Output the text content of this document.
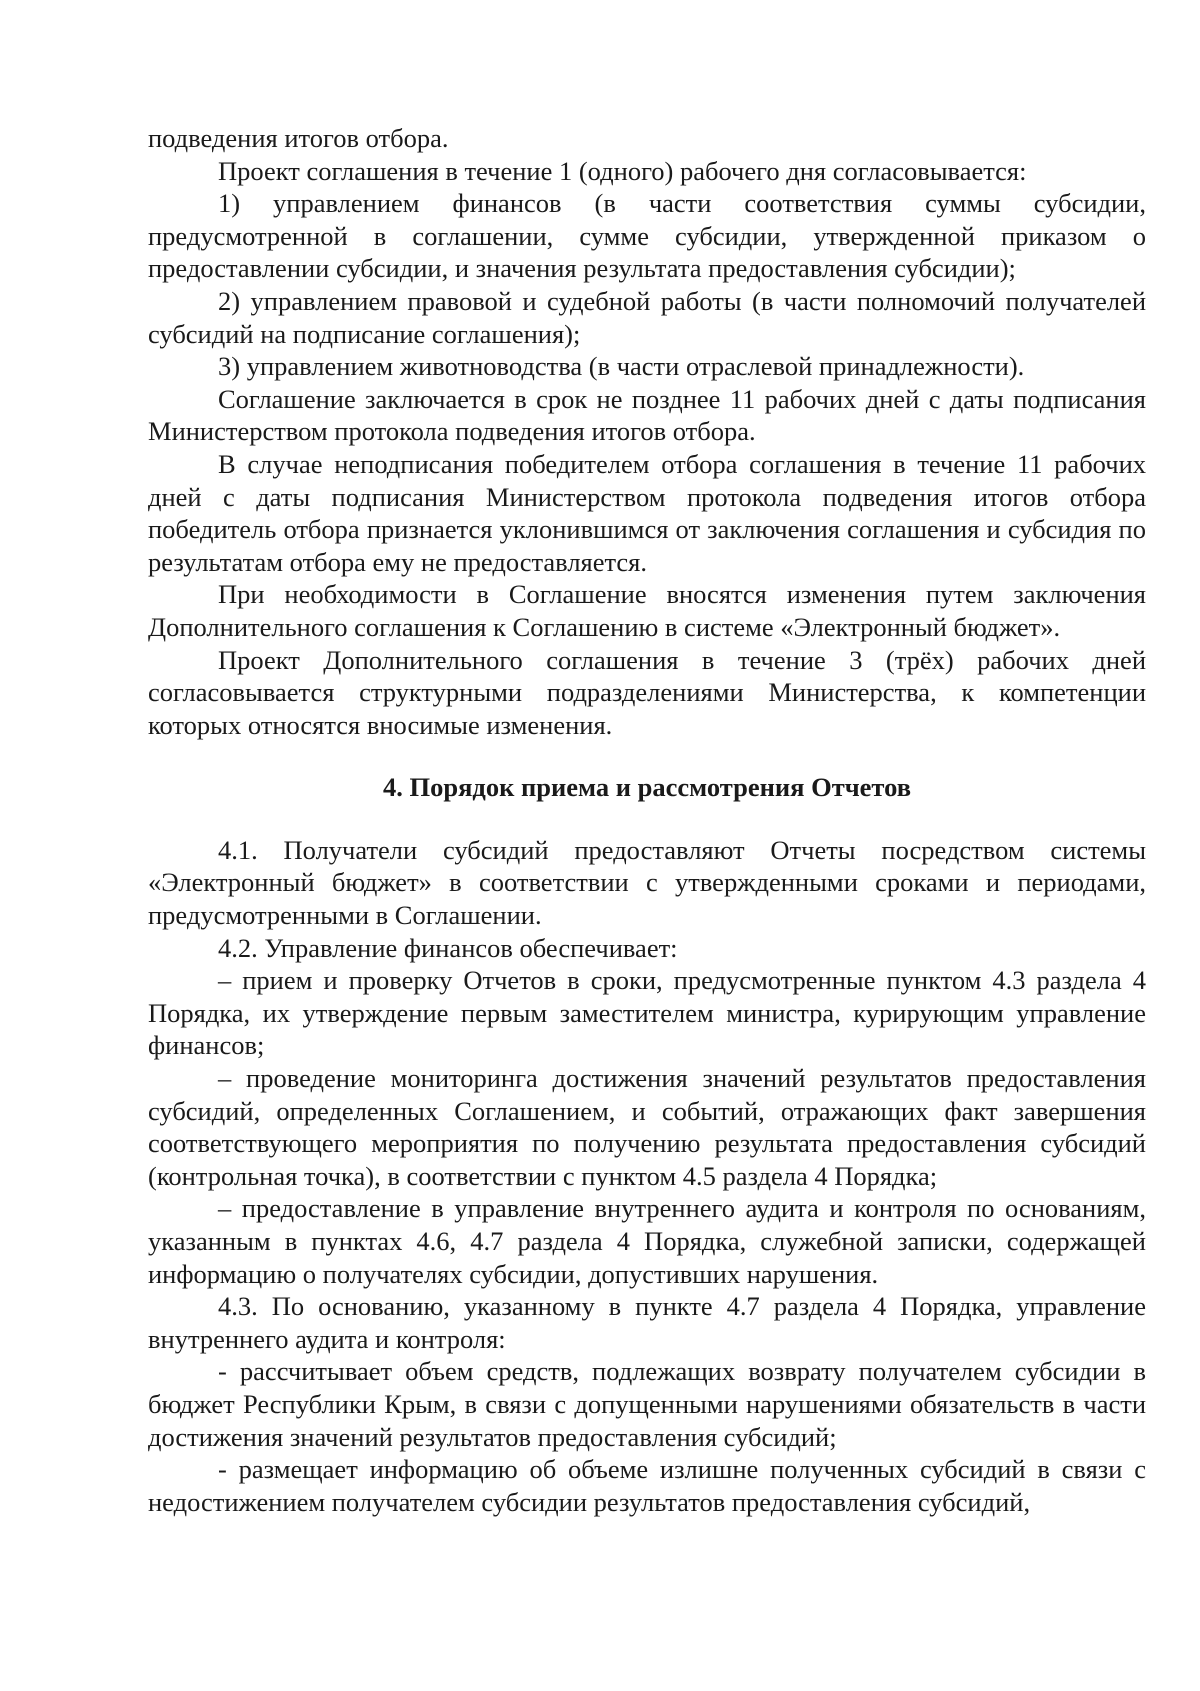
подведения итогов отбора.

Проект соглашения в течение 1 (одного) рабочего дня согласовывается:

1) управлением финансов (в части соответствия суммы субсидии, предусмотренной в соглашении, сумме субсидии, утвержденной приказом о предоставлении субсидии, и значения результата предоставления субсидии);

2) управлением правовой и судебной работы (в части полномочий получателей субсидий на подписание соглашения);

3) управлением животноводства (в части отраслевой принадлежности).

Соглашение заключается в срок не позднее 11 рабочих дней с даты подписания Министерством протокола подведения итогов отбора.

В случае неподписания победителем отбора соглашения в течение 11 рабочих дней с даты подписания Министерством протокола подведения итогов отбора победитель отбора признается уклонившимся от заключения соглашения и субсидия по результатам отбора ему не предоставляется.

При необходимости в Соглашение вносятся изменения путем заключения Дополнительного соглашения к Соглашению в системе «Электронный бюджет».

Проект Дополнительного соглашения в течение 3 (трёх) рабочих дней согласовывается структурными подразделениями Министерства, к компетенции которых относятся вносимые изменения.

4. Порядок приема и рассмотрения Отчетов

4.1. Получатели субсидий предоставляют Отчеты посредством системы «Электронный бюджет» в соответствии с утвержденными сроками и периодами, предусмотренными в Соглашении.

4.2. Управление финансов обеспечивает:

– прием и проверку Отчетов в сроки, предусмотренные пунктом 4.3 раздела 4 Порядка, их утверждение первым заместителем министра, курирующим управление финансов;

– проведение мониторинга достижения значений результатов предоставления субсидий, определенных Соглашением, и событий, отражающих факт завершения соответствующего мероприятия по получению результата предоставления субсидий (контрольная точка), в соответствии с пунктом 4.5 раздела 4 Порядка;

– предоставление в управление внутреннего аудита и контроля по основаниям, указанным в пунктах 4.6, 4.7 раздела 4 Порядка, служебной записки, содержащей информацию о получателях субсидии, допустивших нарушения.

4.3. По основанию, указанному в пункте 4.7 раздела 4 Порядка, управление внутреннего аудита и контроля:

- рассчитывает объем средств, подлежащих возврату получателем субсидии в бюджет Республики Крым, в связи с допущенными нарушениями обязательств в части достижения значений результатов предоставления субсидий;

- размещает информацию об объеме излишне полученных субсидий в связи с недостижением получателем субсидии результатов предоставления субсидий,
